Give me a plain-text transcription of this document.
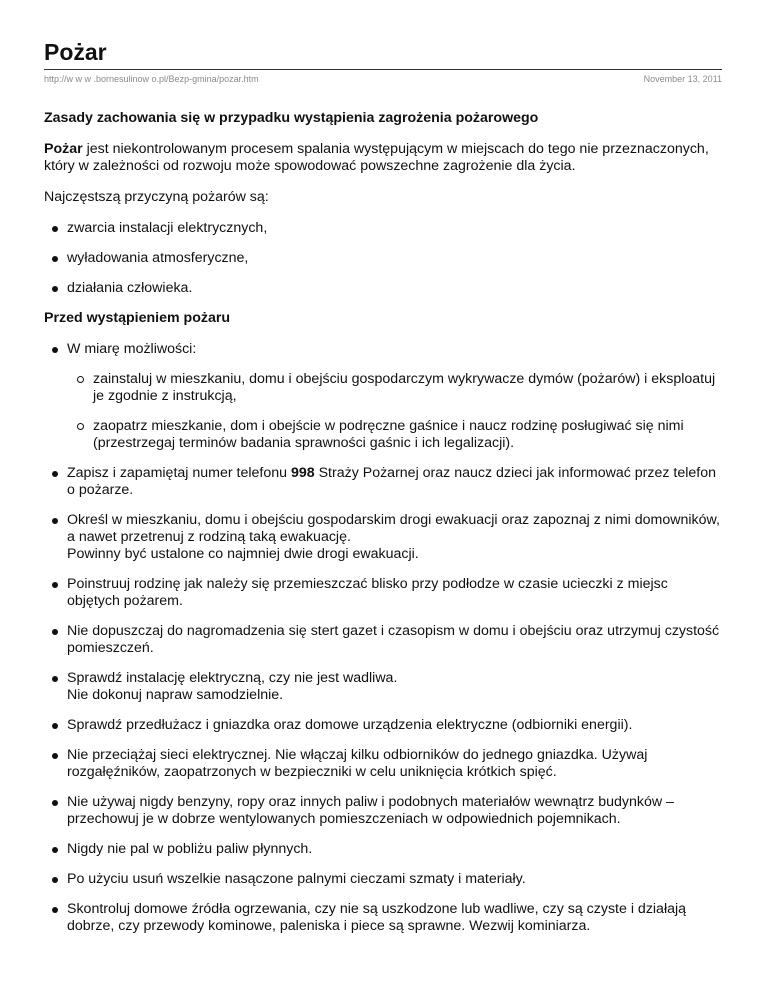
Pożar
http://w w w .bornesulinow o.pl/Bezp-gmina/pozar.htm	November 13, 2011
Zasady zachowania się w przypadku wystąpienia zagrożenia pożarowego

Pożar jest niekontrolowanym procesem spalania występującym w miejscach do tego nie przeznaczonych, który w zależności od rozwoju może spowodować powszechne zagrożenie dla życia.

Najczęstszą przyczyną pożarów są:

zwarcia instalacji elektrycznych,
wyładowania atmosferyczne,
działania człowieka.
Przed wystąpieniem pożaru
W miarę możliwości:
zainstaluj w mieszkaniu, domu i obejściu gospodarczym wykrywacze dymów (pożarów) i eksploatuj je zgodnie z instrukcją,
zaopatrz mieszkanie, dom i obejście w podręczne gaśnice i naucz rodzinę posługiwać się nimi (przestrzegaj terminów badania sprawności gaśnic i ich legalizacji).
Zapisz i zapamiętaj numer telefonu 998 Straży Pożarnej oraz naucz dzieci jak informować przez telefon o pożarze.
Określ w mieszkaniu, domu i obejściu gospodarskim drogi ewakuacji oraz zapoznaj z nimi domowników, a nawet przetrenuj z rodziną taką ewakuację.
Powinny być ustalone co najmniej dwie drogi ewakuacji.
Poinstruuj rodzinę jak należy się przemieszczać blisko przy podłodze w czasie ucieczki z miejsc objętych pożarem.
Nie dopuszczaj do nagromadzenia się stert gazet i czasopism w domu i obejściu oraz utrzymuj czystość pomieszczeń.
Sprawdź instalację elektryczną, czy nie jest wadliwa.
Nie dokonuj napraw samodzielnie.
Sprawdź przedłużacz i gniazdka oraz domowe urządzenia elektryczne (odbiorniki energii).
Nie przeciążaj sieci elektrycznej. Nie włączaj kilku odbiorników do jednego gniazdka. Używaj rozgałęźników, zaopatrzonych w bezpieczniki w celu uniknięcia krótkich spięć.
Nie używaj nigdy benzyny, ropy oraz innych paliw i podobnych materiałów wewnątrz budynków – przechowuj je w dobrze wentylowanych pomieszczeniach w odpowiednich pojemnikach.
Nigdy nie pal w pobliżu paliw płynnych.
Po użyciu usuń wszelkie nasączone palnymi cieczami szmaty i materiały.
Skontroluj domowe źródła ogrzewania, czy nie są uszkodzone lub wadliwe, czy są czyste i działają dobrze, czy przewody kominowe, paleniska i piece są sprawne. Wezwij kominiarza.
